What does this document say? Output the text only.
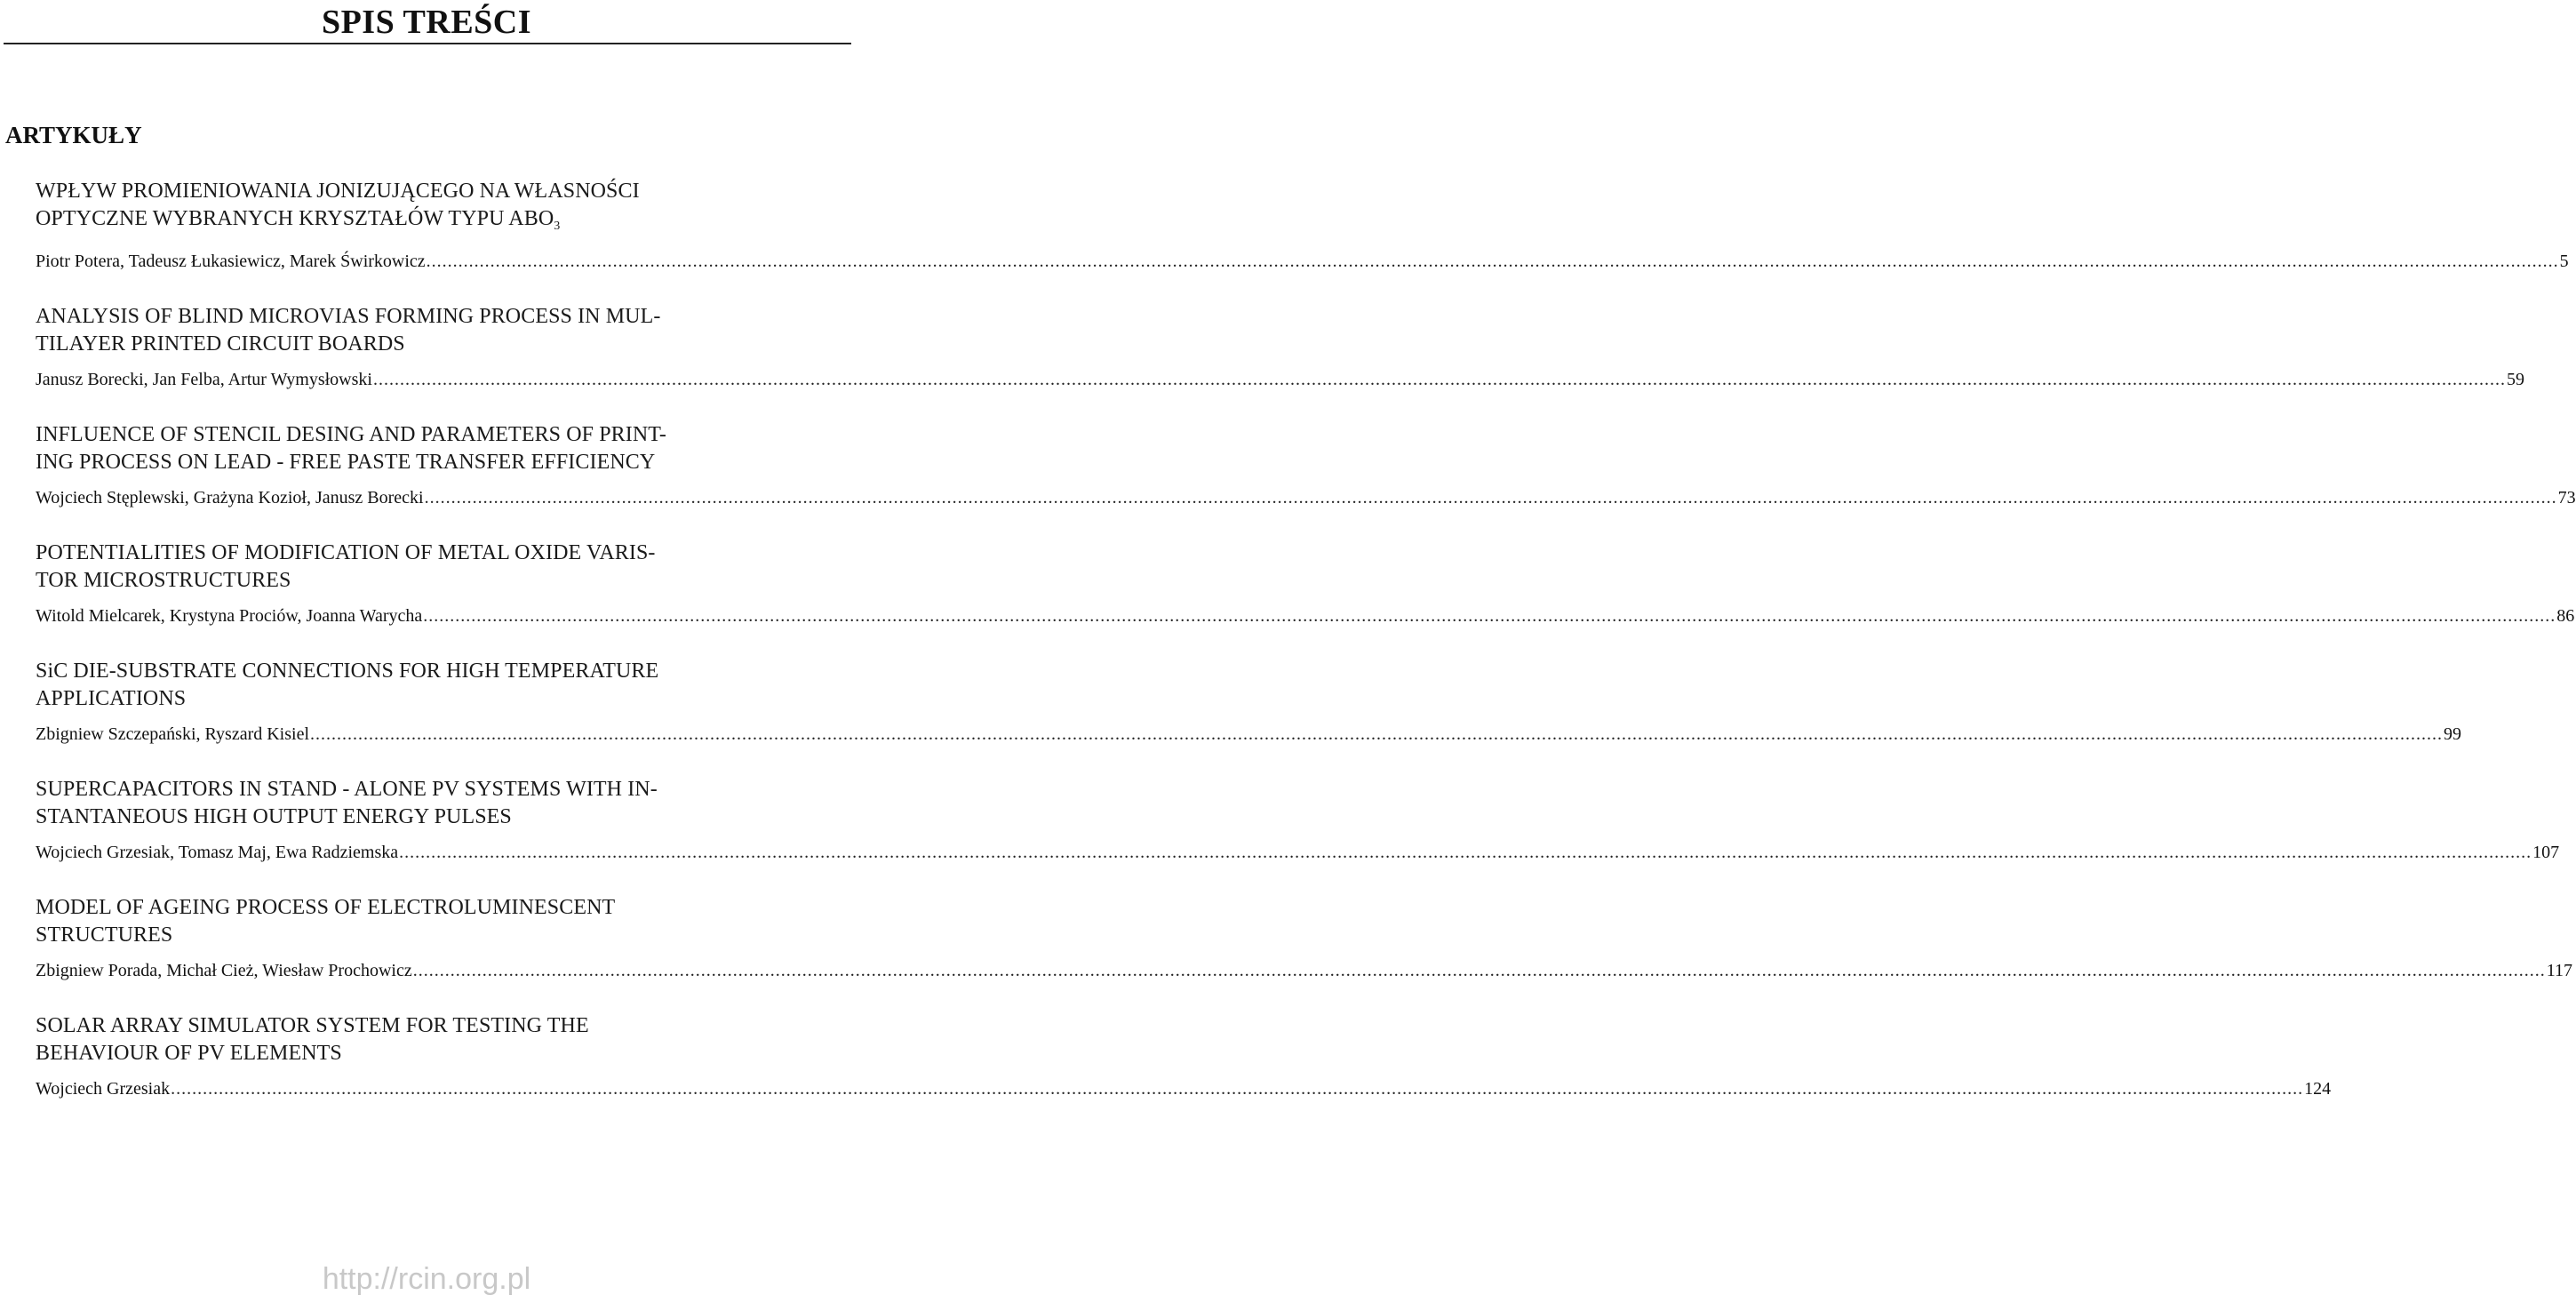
SPIS TREŚCI
ARTYKUŁY
WPŁYW PROMIENIOWANIA JONIZUJĄCEGO NA WŁASNOŚCI
OPTYCZNE WYBRANYCH KRYSZTAŁÓW TYPU $ABO_3$
Piotr Potera, Tadeusz Łukasiewicz, Marek Świrkowicz ................................................................................................................................................................................................................................................................................................................................................................................................................ 5
ANALYSIS OF BLIND MICROVIAS FORMING PROCESS IN MUL-
TILAYER PRINTED CIRCUIT BOARDS
Janusz Borecki, Jan Felba, Artur Wymysłowski ................................................................................................................................................................................................................................................................................................................................................................................................................ 59
INFLUENCE OF STENCIL DESING AND PARAMETERS OF PRINT-
ING PROCESS ON LEAD - FREE PASTE TRANSFER EFFICIENCY
Wojciech Stęplewski, Grażyna Kozioł, Janusz Borecki ................................................................................................................................................................................................................................................................................................................................................................................................................ 73
POTENTIALITIES OF MODIFICATION OF METAL OXIDE VARIS-
TOR MICROSTRUCTURES
Witold Mielcarek, Krystyna Prociów, Joanna Warycha ................................................................................................................................................................................................................................................................................................................................................................................................................ 86
SiC DIE-SUBSTRATE CONNECTIONS FOR HIGH TEMPERATURE
APPLICATIONS
Zbigniew Szczepański, Ryszard Kisiel ................................................................................................................................................................................................................................................................................................................................................................................................................ 99
SUPERCAPACITORS IN STAND - ALONE PV SYSTEMS WITH IN-
STANTANEOUS HIGH OUTPUT ENERGY PULSES
Wojciech Grzesiak, Tomasz Maj, Ewa Radziemska ................................................................................................................................................................................................................................................................................................................................................................................................................ 107
MODEL OF AGEING PROCESS OF ELECTROLUMINESCENT
STRUCTURES
Zbigniew Porada, Michał Cież, Wiesław Prochowicz ................................................................................................................................................................................................................................................................................................................................................................................................................ 117
SOLAR ARRAY SIMULATOR SYSTEM FOR TESTING THE
BEHAVIOUR OF PV ELEMENTS
Wojciech Grzesiak ................................................................................................................................................................................................................................................................................................................................................................................................................ 124
http://rcin.org.pl
